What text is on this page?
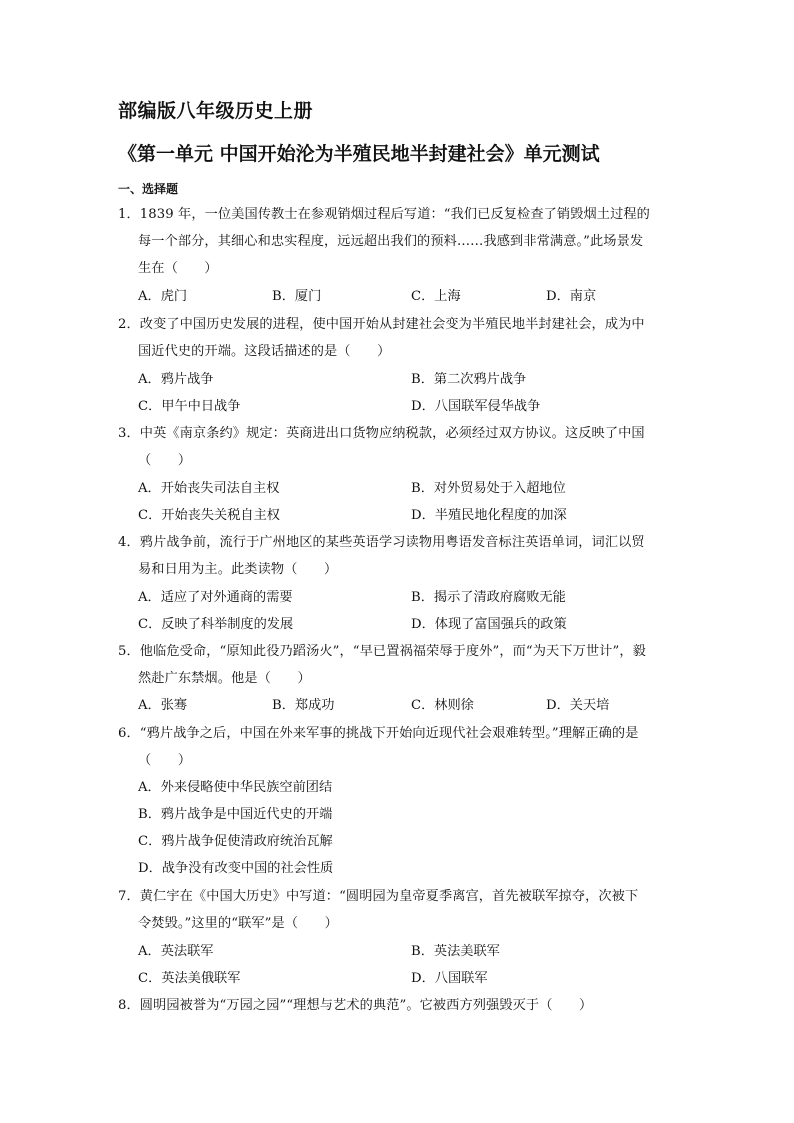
部编版八年级历史上册
《第一单元 中国开始沦为半殖民地半封建社会》单元测试
一、选择题
1．1839 年，一位美国传教士在参观销烟过程后写道：“我们已反复检查了销毁烟土过程的
每一个部分，其细心和忠实程度，远远超出我们的预料……我感到非常满意。”此场景发
生在（　　）
A．虎门	B．厦门	C．上海	D．南京
2．改变了中国历史发展的进程，使中国开始从封建社会变为半殖民地半封建社会，成为中
国近代史的开端。这段话描述的是（　　）
A．鸦片战争	B．第二次鸦片战争
C．甲午中日战争	D．八国联军侵华战争
3．中英《南京条约》规定：英商进出口货物应纳税款，必须经过双方协议。这反映了中国
（　　）
A．开始丧失司法自主权	B．对外贸易处于入超地位
C．开始丧失关税自主权	D．半殖民地化程度的加深
4．鸦片战争前，流行于广州地区的某些英语学习读物用粤语发音标注英语单词，词汇以贸
易和日用为主。此类读物（　　）
A．适应了对外通商的需要	B．揭示了清政府腐败无能
C．反映了科举制度的发展	D．体现了富国强兵的政策
5．他临危受命，“原知此役乃蹈汤火”，“早已置祸福荣辱于度外”，而“为天下万世计”，毅
然赴广东禁烟。他是（　　）
A．张骞	B．郑成功	C．林则徐	D．关天培
6．“鸦片战争之后，中国在外来军事的挑战下开始向近现代社会艰难转型。”理解正确的是
（　　）
A．外来侵略使中华民族空前团结
B．鸦片战争是中国近代史的开端
C．鸦片战争促使清政府统治瓦解
D．战争没有改变中国的社会性质
7．黄仁宇在《中国大历史》中写道：“圆明园为皇帝夏季离宫，首先被联军掠夺，次被下
令焚毁。”这里的“联军”是（　　）
A．英法联军	B．英法美联军
C．英法美俄联军	D．八国联军
8．圆明园被誉为“万园之园”“理想与艺术的典范”。它被西方列强毁灭于（　　）
